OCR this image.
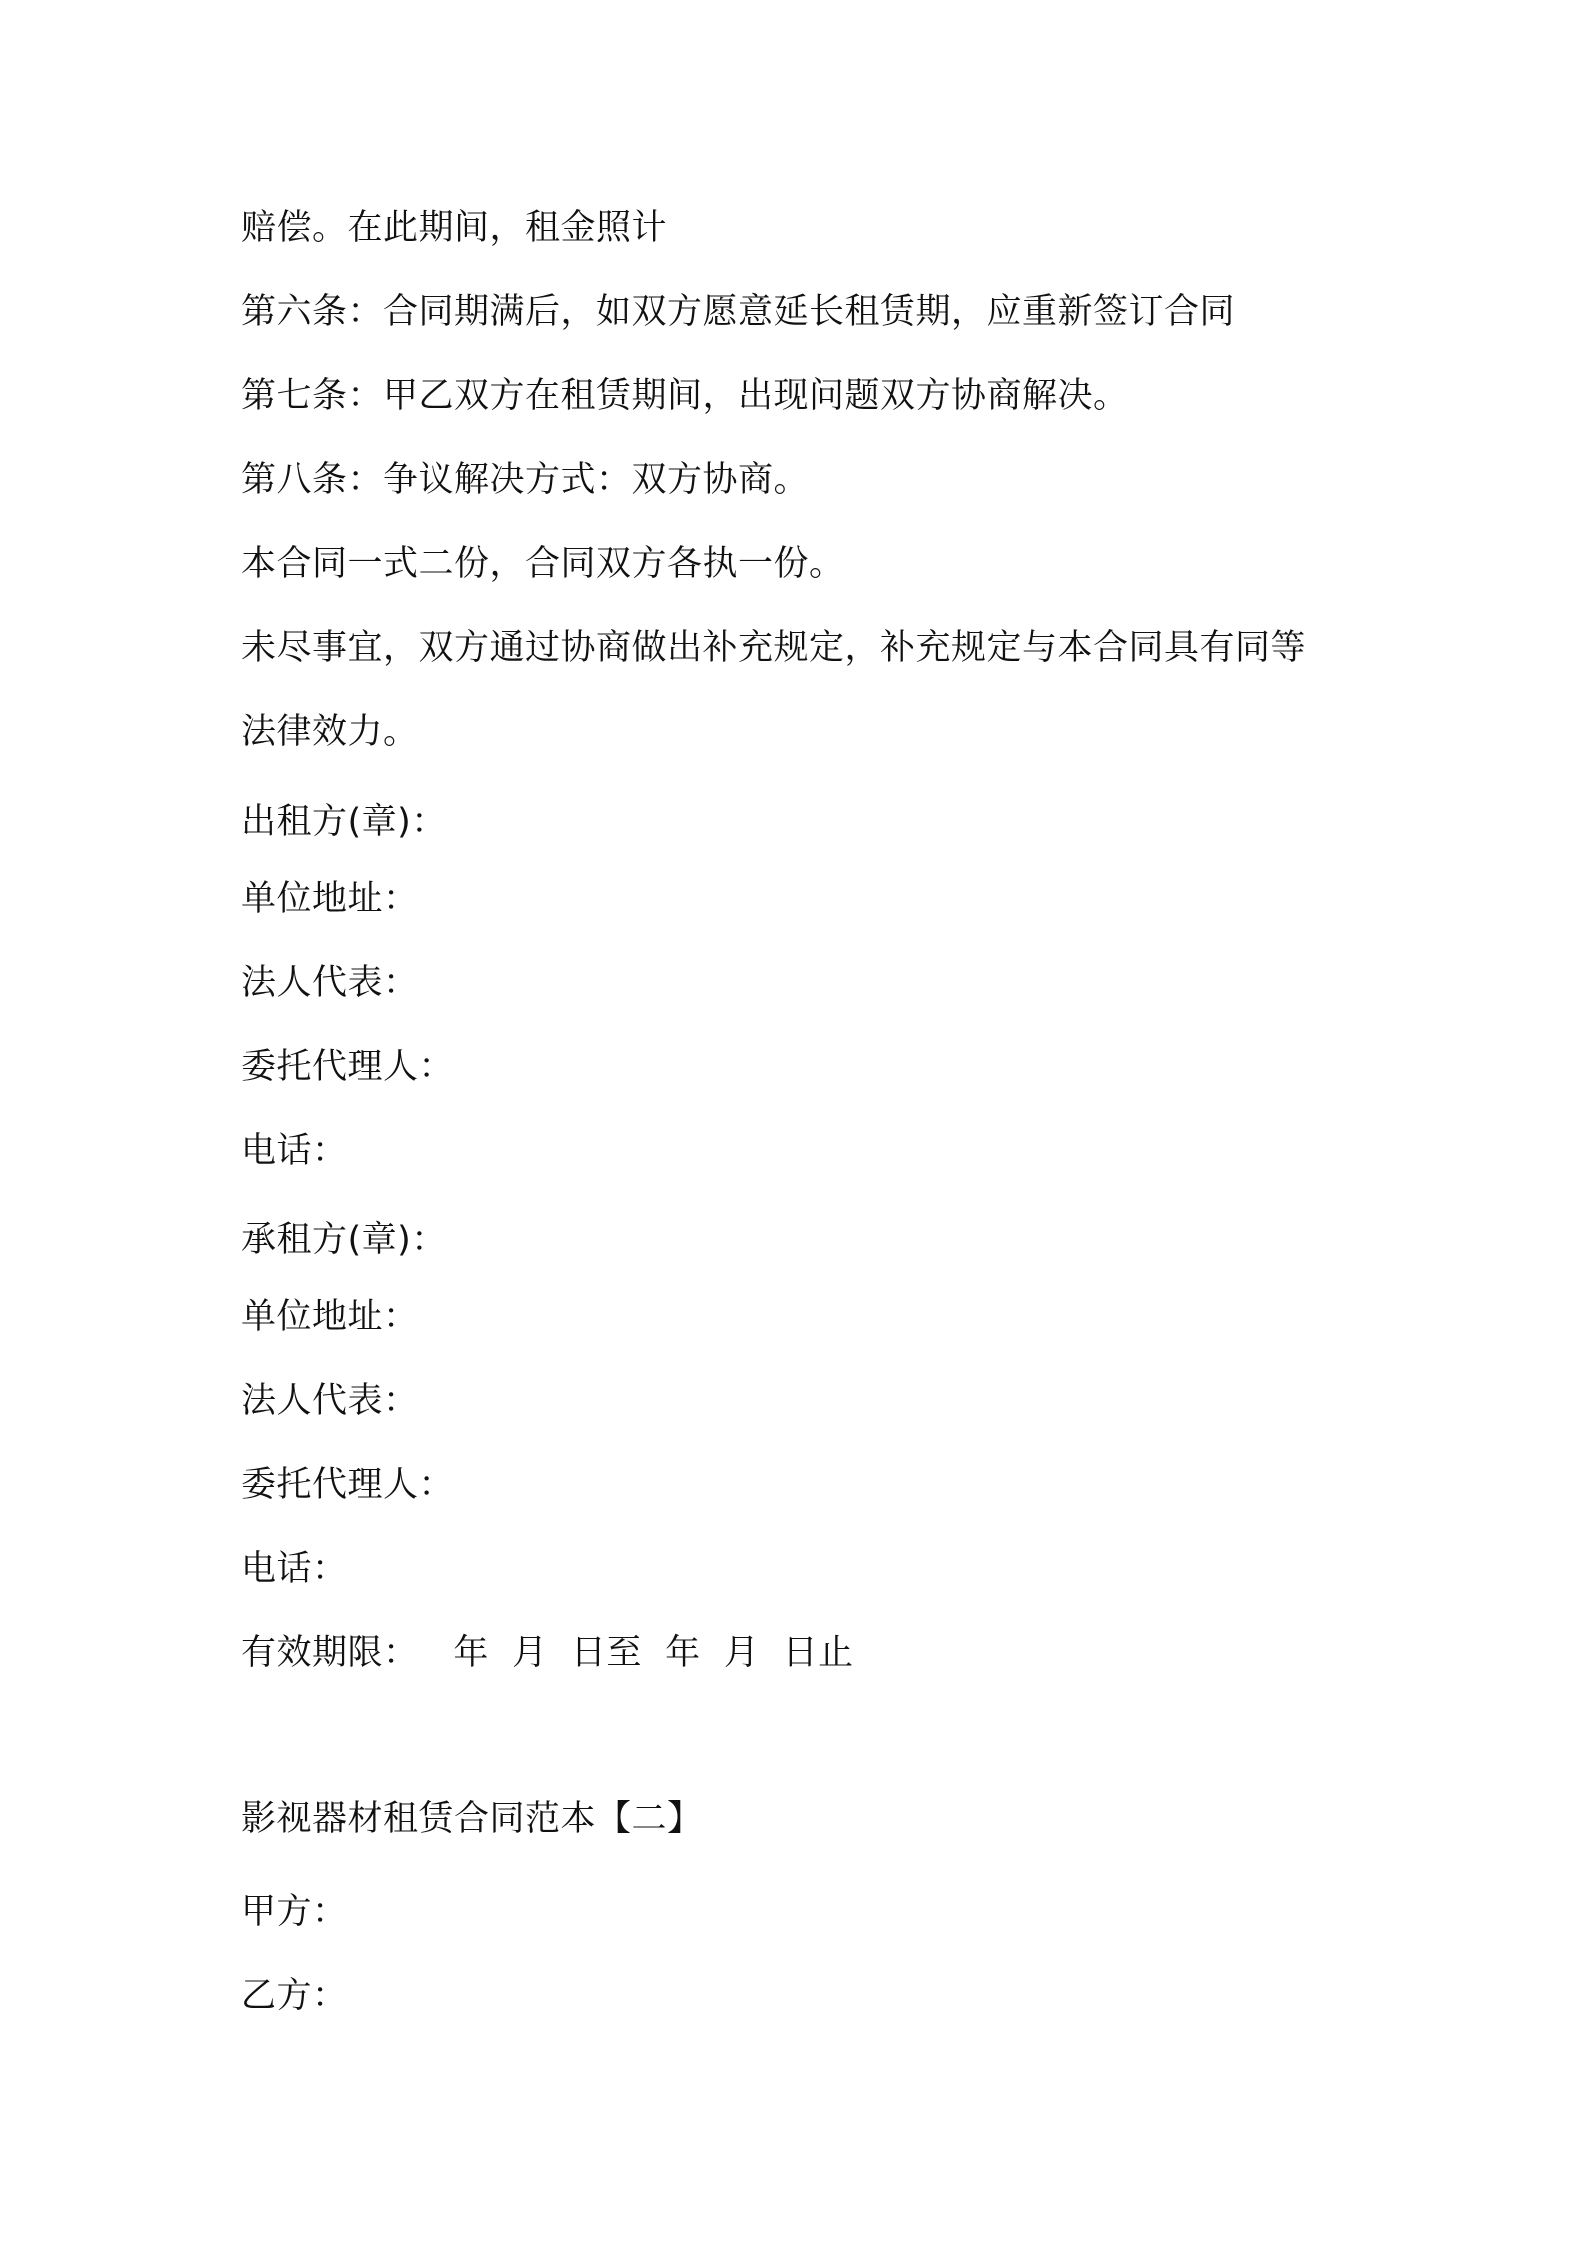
赔偿。在此期间，租金照计
第六条：合同期满后，如双方愿意延长租赁期，应重新签订合同
第七条：甲乙双方在租赁期间，出现问题双方协商解决。
第八条：争议解决方式：双方协商。
本合同一式二份，合同双方各执一份。
未尽事宜，双方通过协商做出补充规定，补充规定与本合同具有同等
法律效力。
出租方(章)：
单位地址：
法人代表：
委托代理人：
电话：
承租方(章)：
单位地址：
法人代表：
委托代理人：
电话：
有效期限：   年  月  日至  年  月  日止
影视器材租赁合同范本【二】
甲方：
乙方：
